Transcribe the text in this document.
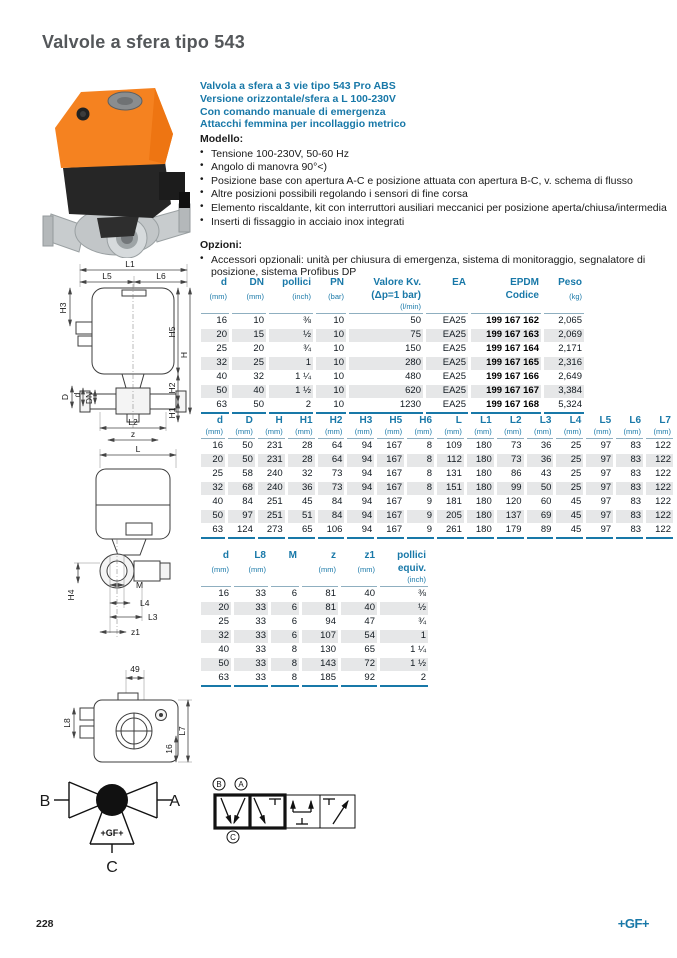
Valvole a sfera tipo 543
Valvola a sfera a 3 vie tipo 543 Pro ABS
Versione orizzontale/sfera a L 100-230V
Con comando manuale di emergenza
Attacchi femmina per incollaggio metrico
Modello:
• Tensione 100-230V, 50-60 Hz
• Angolo di manovra 90°<)
• Posizione base con apertura A-C e posizione attuata con apertura B-C, v. schema di flusso
• Altre posizioni possibili regolando i sensori di fine corsa
• Elemento riscaldante, kit con interruttori ausiliari meccanici per posizione aperta/chiusa/intermedia
• Inserti di fissaggio in acciaio inox integrati
Opzioni:
• Accessori opzionali: unità per chiusura di emergenza, sistema di monitoraggio, segnalatore di posizione, sistema Profibus DP
d	DN	pollici	PN	Valore Kv.	EA	EPDM	Peso
(mm)	(mm)	(inch)	(bar)	(Δp=1 bar)		Codice	(kg)
				(l/min)			
16	10	⅜	10	50	EA25	199 167 162	2,065
20	15	½	10	75	EA25	199 167 163	2,069
25	20	¾	10	150	EA25	199 167 164	2,171
32	25	1	10	280	EA25	199 167 165	2,316
40	32	1 ¼	10	480	EA25	199 167 166	2,649
50	40	1 ½	10	620	EA25	199 167 167	3,384
63	50	2	10	1230	EA25	199 167 168	5,324
d	D	H	H1	H2	H3	H5	H6	L	L1	L2	L3	L4	L5	L6	L7
(mm)	(mm)	(mm)	(mm)	(mm)	(mm)	(mm)	(mm)	(mm)	(mm)	(mm)	(mm)	(mm)	(mm)	(mm)	(mm)
16	50	231	28	64	94	167	8	109	180	73	36	25	97	83	122
20	50	231	28	64	94	167	8	112	180	73	36	25	97	83	122
25	58	240	32	73	94	167	8	131	180	86	43	25	97	83	122
32	68	240	36	73	94	167	8	151	180	99	50	25	97	83	122
40	84	251	45	84	94	167	9	181	180	120	60	45	97	83	122
50	97	251	51	84	94	167	9	205	180	137	69	45	97	83	122
63	124	273	65	106	94	167	9	261	180	179	89	45	97	83	122
d	L8	M	z	z1	pollici
(mm)	(mm)		(mm)	(mm)	equiv.
					(inch)
16	33	6	81	40	⅜
20	33	6	81	40	½
25	33	6	94	47	¾
32	33	6	107	54	1
40	33	8	130	65	1 ¼
50	33	8	143	72	1 ½
63	33	8	185	92	2
L1
L5	L6
H3
H5
H
H2
H1
D d DN
L2
z
L
H4
M
L4
L3
z1
49
L8
L7
16
B	A
C
+GF+
B A
C
228	+GF+
